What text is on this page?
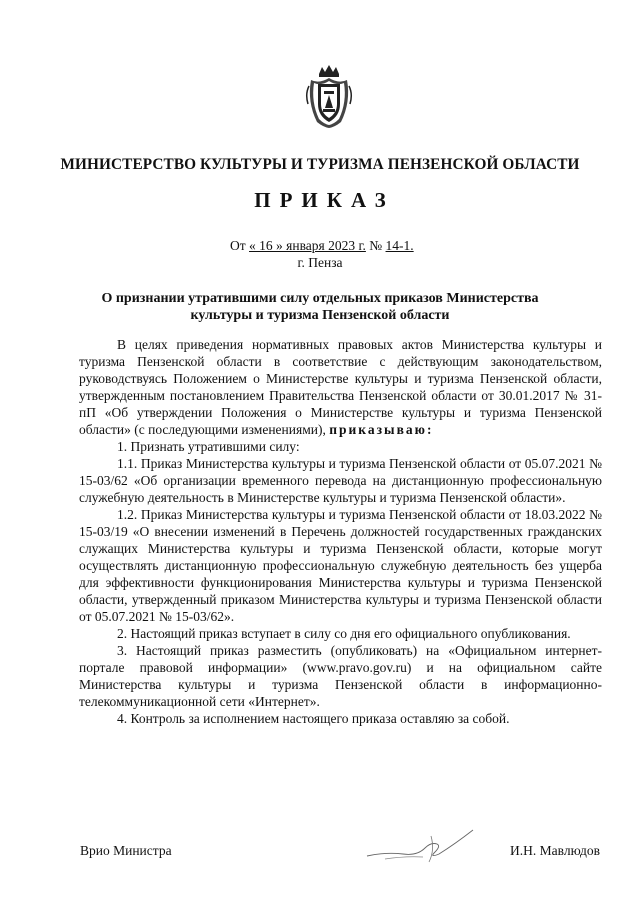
МИНИСТЕРСТВО КУЛЬТУРЫ И ТУРИЗМА ПЕНЗЕНСКОЙ ОБЛАСТИ
ПРИКАЗ
От « 16 » января 2023 г. № 14-1.
г. Пенза
О признании утратившими силу отдельных приказов Министерства
культуры и туризма Пензенской области

В целях приведения нормативных правовых актов Министерства культуры и туризма Пензенской области в соответствие с действующим законодательством, руководствуясь Положением о Министерстве культуры и туризма Пензенской области, утвержденным постановлением Правительства Пензенской области от 30.01.2017 № 31-пП «Об утверждении Положения о Министерстве культуры и туризма Пензенской области» (с последующими изменениями), приказываю:

1. Признать утратившими силу:

1.1. Приказ Министерства культуры и туризма Пензенской области от 05.07.2021 № 15-03/62 «Об организации временного перевода на дистанционную профессиональную служебную деятельность в Министерстве культуры и туризма Пензенской области».

1.2. Приказ Министерства культуры и туризма Пензенской области от 18.03.2022 № 15-03/19 «О внесении изменений в Перечень должностей государственных гражданских служащих Министерства культуры и туризма Пензенской области, которые могут осуществлять дистанционную профессиональную служебную деятельность без ущерба для эффективности функционирования Министерства культуры и туризма Пензенской области, утвержденный приказом Министерства культуры и туризма Пензенской области от 05.07.2021 № 15-03/62».

2. Настоящий приказ вступает в силу со дня его официального опубликования.

3. Настоящий приказ разместить (опубликовать) на «Официальном интернет-портале правовой информации» (www.pravo.gov.ru) и на официальном сайте Министерства культуры и туризма Пензенской области в информационно-телекоммуникационной сети «Интернет».

4. Контроль за исполнением настоящего приказа оставляю за собой.

Врио Министра	И.Н. Мавлюдов
